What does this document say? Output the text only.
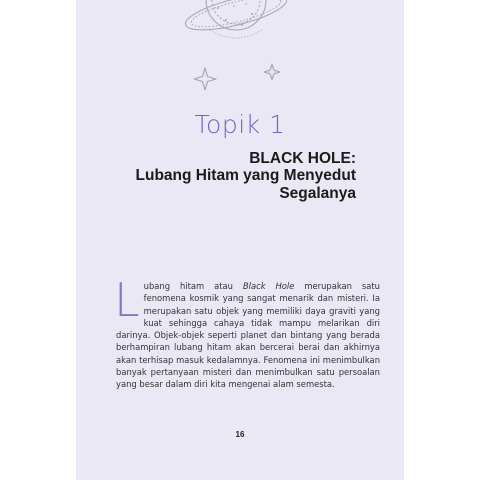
Topik 1
BLACK HOLE:
Lubang Hitam yang Menyedut Segalanya
Lubang hitam atau Black Hole merupakan satu fenomena kosmik yang sangat menarik dan misteri. Ia merupakan satu objek yang memiliki daya graviti yang kuat sehingga cahaya tidak mampu melarikan diri darinya. Objek-objek seperti planet dan bintang yang berada berhampiran lubang hitam akan bercerai berai dan akhirnya akan terhisap masuk kedalamnya. Fenomena ini menimbulkan banyak pertanyaan misteri dan menimbulkan satu persoalan yang besar dalam diri kita mengenai alam semesta.
16
